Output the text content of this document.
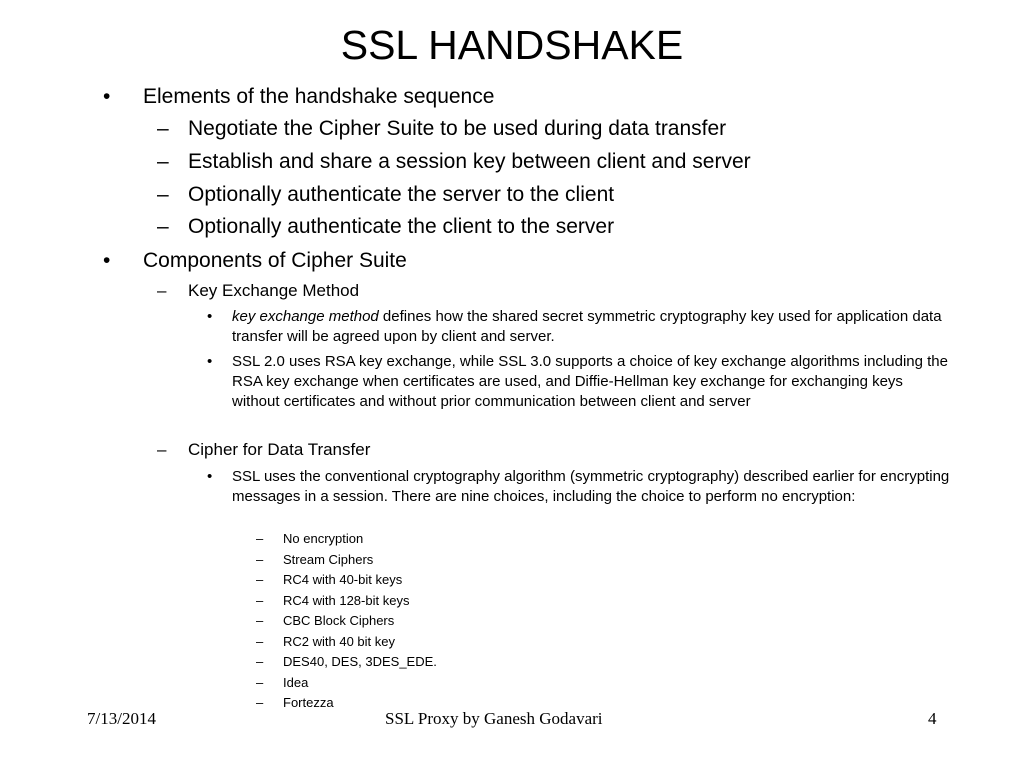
SSL HANDSHAKE
• Elements of the handshake sequence
– Negotiate the Cipher Suite to be used during data transfer
– Establish and share a session key between client and server
– Optionally authenticate the server to the client
– Optionally authenticate the client to the server
• Components of Cipher Suite
– Key Exchange Method
• key exchange method defines how the shared secret symmetric cryptography key used for application data transfer will be agreed upon by client and server.
• SSL 2.0 uses RSA key exchange, while SSL 3.0 supports a choice of key exchange algorithms including the RSA key exchange when certificates are used, and Diffie-Hellman key exchange for exchanging keys without certificates and without prior communication between client and server
– Cipher for Data Transfer
• SSL uses the conventional cryptography algorithm (symmetric cryptography) described earlier for encrypting messages in a session. There are nine choices, including the choice to perform no encryption:
– No encryption
– Stream Ciphers
– RC4 with 40-bit keys
– RC4 with 128-bit keys
– CBC Block Ciphers
– RC2 with 40 bit key
– DES40, DES, 3DES_EDE.
– Idea
– Fortezza
7/13/2014	SSL Proxy by Ganesh Godavari	4
